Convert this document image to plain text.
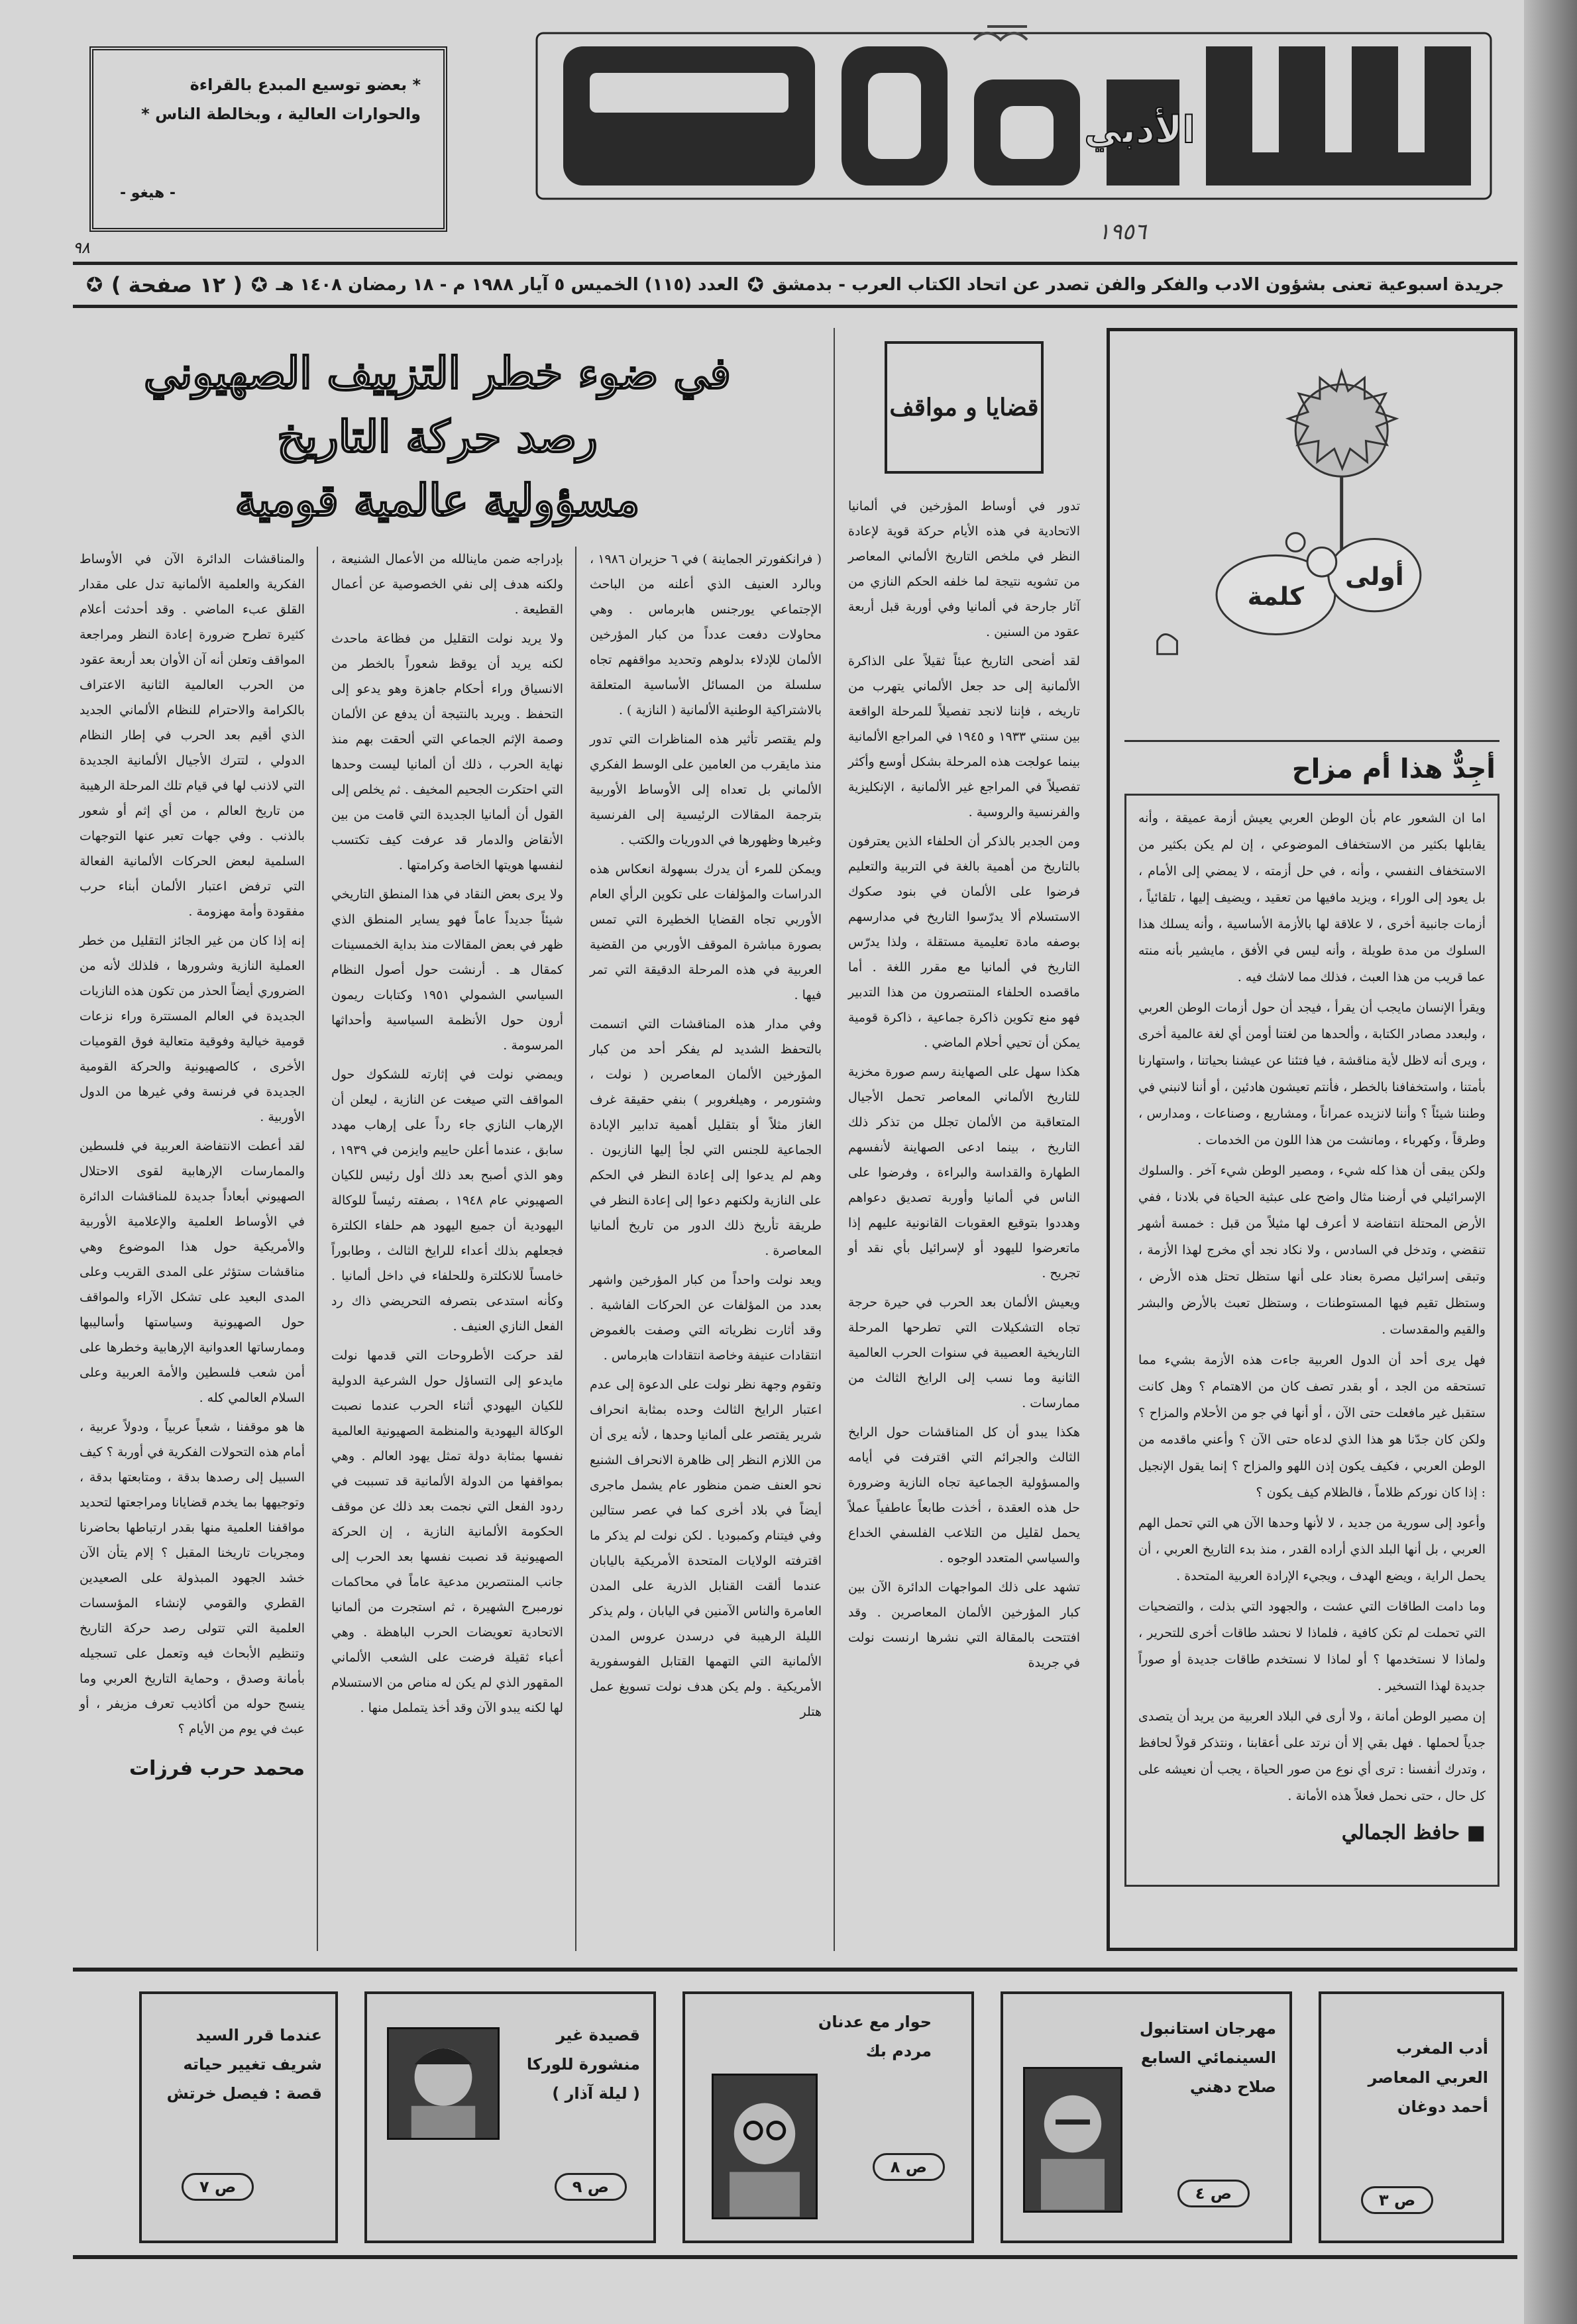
الأدبي
* بعضو توسيع المبدع بالقراءة والحوارات العالية ، وبخالطة الناس *
- هيغو -
١٩٥٦
٩٨
جريدة اسبوعية تعنى بشؤون الادب والفكر والفن تصدر عن اتحاد الكتاب العرب - بدمشق
✪
العدد (١١٥) الخميس ٥ آيار ١٩٨٨ م - ١٨ رمضان ١٤٠٨ هـ
✪
( ١٢ صفحة )
✪
كلمة
أولى
أجِدٌّ هذا أم مزاح

اما ان الشعور عام بأن الوطن العربي يعيش أزمة عميقة ، وأنه يقابلها بكثير من الاستخفاف الموضوعي ، إن لم يكن بكثير من الاستخفاف النفسي ، وأنه ، في حل أزمته ، لا يمضي إلى الأمام ، بل يعود إلى الوراء ، ويزيد مافيها من تعقيد ، ويضيف إليها ، تلقائياً ، أزمات جانبية أخرى ، لا علاقة لها بالأزمة الأساسية ، وأنه يسلك هذا السلوك من مدة طويلة ، وأنه ليس في الأفق ، مايشير بأنه منته عما قريب من هذا العبث ، فذلك مما لاشك فيه .

ويقرأ الإنسان مايجب أن يقرأ ، فيجد أن حول أزمات الوطن العربي ، ولبعدد مصادر الكتابة ، وألحدها من لغتنا أومن أي لغة عالمية أخرى ، ويرى أنه لاظل لأية مناقشة ، فيا فتئنا عن عيشنا بحياتنا ، واستهارنا بأمتنا ، واستخفافنا بالخطر ، فأنتم تعيشون هادئين ، أو أننا لانبني في وطننا شيئاً ؟ وأننا لانزيده عمراناً ، ومشاريع ، وصناعات ، ومدارس ، وطرقاً ، وكهرباء ، ومانشت من هذا اللون من الخدمات .

ولكن يبقى أن هذا كله شيء ، ومصير الوطن شيء آخر . والسلوك الإسرائيلي في أرضنا مثال واضح على عبثية الحياة في بلادنا ، ففي الأرض المحتلة انتفاضة لا أعرف لها مثيلاً من قبل : خمسة أشهر تنقضي ، وتدخل في السادس ، ولا نكاد نجد أي مخرج لهذا الأزمة ، وتبقى إسرائيل مصرة بعناد على أنها ستظل تحتل هذه الأرض ، وستظل تقيم فيها المستوطنات ، وستظل تعبث بالأرض والبشر والقيم والمقدسات .

فهل يرى أحد أن الدول العربية جاءت هذه الأزمة بشيء مما تستحقه من الجد ، أو بقدر تصف كان من الاهتمام ؟ وهل كانت ستقبل غير مافعلت حتى الآن ، أو أنها في جو من الأحلام والمزاح ؟ ولكن كان جدّنا هو هذا الذي لدعاه حتى الآن ؟ وأعني ماقدمه من الوطن العربي ، فكيف يكون إذن اللهو والمزاح ؟ إنما يقول الإنجيل : إذا كان نوركم ظلاماً ، فالظلام كيف يكون ؟

وأعود إلى سورية من جديد ، لا لأنها وحدها الآن هي التي تحمل الهم العربي ، بل أنها البلد الذي أراده القدر ، منذ بدء التاريخ العربي ، أن يحمل الراية ، ويضع الهدف ، ويجيء الإرادة العربية المتحدة .

وما دامت الطاقات التي عشت ، والجهود التي بذلت ، والتضحيات التي تحملت لم تكن كافية ، فلماذا لا نحشد طاقات أخرى للتحرير ، ولماذا لا نستخدمها ؟ أو لماذا لا نستخدم طاقات جديدة أو صوراً جديدة لهذا التسخير .

إن مصير الوطن أمانة ، ولا أرى في البلاد العربية من يريد أن يتصدى جدياً لحملها . فهل بقي إلا أن نرتد على أعقابنا ، ونتذكر قولاً لحافظ ، وتدرك أنفسنا : ترى أي نوع من صور الحياة ، يجب أن نعيشه على كل حال ، حتى نحمل فعلاً هذه الأمانة .

■ حافظ الجمالي
قضايا و مواقف

تدور في أوساط المؤرخين في ألمانيا الاتحادية في هذه الأيام حركة قوية لإعادة النظر في ملخص التاريخ الألماني المعاصر من تشويه نتيجة لما خلفه الحكم النازي من آثار جارحة في ألمانيا وفي أوربة قبل أربعة عقود من السنين .

لقد أضحى التاريخ عبئاً ثقيلاً على الذاكرة الألمانية إلى حد جعل الألماني يتهرب من تاريخه ، فإننا لانجد تفصيلاً للمرحلة الواقعة بين سنتي ١٩٣٣ و ١٩٤٥ في المراجع الألمانية بينما عولجت هذه المرحلة بشكل أوسع وأكثر تفصيلاً في المراجع غير الألمانية ، الإنكليزية والفرنسية والروسية .

ومن الجدير بالذكر أن الحلفاء الذين يعترفون بالتاريخ من أهمية بالغة في التربية والتعليم فرضوا على الألمان في بنود صكوك الاستسلام ألا يدرّسوا التاريخ في مدارسهم بوصفه مادة تعليمية مستقلة ، ولذا يدرّس التاريخ في ألمانيا مع مقرر اللغة . أما ماقصده الحلفاء المنتصرون من هذا التدبير فهو منع تكوين ذاكرة جماعية ، ذاكرة قومية يمكن أن تحيي أحلام الماضي .

هكذا سهل على الصهاينة رسم صورة مخزية للتاريخ الألماني المعاصر تحمل الأجيال المتعاقبة من الألمان تجلل من تذكر ذلك التاريخ ، بينما ادعى الصهاينة لأنفسهم الطهارة والقداسة والبراءة ، وفرضوا على الناس في ألمانيا وأوربة تصديق دعواهم وهددوا بتوقيع العقوبات القانونية عليهم إذا ماتعرضوا لليهود أو لإسرائيل بأي نقد أو تجريح .

ويعيش الألمان بعد الحرب في حيرة حرجة تجاه التشكيلات التي تطرحها المرحلة التاريخية العصيبة في سنوات الحرب العالمية الثانية وما نسب إلى الرايخ الثالث من ممارسات .

هكذا يبدو أن كل المناقشات حول الرايخ الثالث والجرائم التي اقترفت في أيامه والمسؤولية الجماعية تجاه النازية وضرورة حل هذه العقدة ، أخذت طابعاً عاطفياً عملاً يحمل لقليل من التلاعب الفلسفي الخداع والسياسي المتعدد الوجوه .

تشهد على ذلك المواجهات الدائرة الآن بين كبار المؤرخين الألمان المعاصرين . وقد افتتحت بالمقالة التي نشرها ارنست نولت في جريدة

في ضوء خطر التزييف الصهيوني
رصد حركة التاريخ
مسؤولية عالمية قومية

( فرانكفورتر الجماينة ) في ٦ حزيران ١٩٨٦ ، وبالرد العنيف الذي أعلنه من الباحث الإجتماعي يورجنس هابرماس . وهي محاولات دفعت عدداً من كبار المؤرخين الألمان للإدلاء بدلوهم وتحديد مواقفهم تجاه سلسلة من المسائل الأساسية المتعلقة بالاشتراكية الوطنية الألمانية ( النازية ) .

ولم يقتصر تأثير هذه المناظرات التي تدور منذ مايقرب من العامين على الوسط الفكري الألماني بل تعداه إلى الأوساط الأوربية بترجمة المقالات الرئيسية إلى الفرنسية وغيرها وظهورها في الدوريات والكتب .

ويمكن للمرء أن يدرك بسهولة انعكاس هذه الدراسات والمؤلفات على تكوين الرأي العام الأوربي تجاه القضايا الخطيرة التي تمس بصورة مباشرة الموقف الأوربي من القضية العربية في هذه المرحلة الدقيقة التي تمر فيها .

وفي مدار هذه المناقشات التي اتسمت بالتحفظ الشديد لم يفكر أحد من كبار المؤرخين الألمان المعاصرين ( نولت ، وشتورمر ، وهيلغروبر ) بنفي حقيقة غرف الغاز مثلاً أو بتقليل أهمية تدابير الإبادة الجماعية للجنس التي لجأ إليها النازيون . وهم لم يدعوا إلى إعادة النظر في الحكم على النازية ولكنهم دعوا إلى إعادة النظر في طريقة تأريخ ذلك الدور من تاريخ ألمانيا المعاصرة .

ويعد نولت واحداً من كبار المؤرخين واشهر بعدد من المؤلفات عن الحركات الفاشية . وقد أثارت نظرياته التي وصفت بالغموض انتقادات عنيفة وخاصة انتقادات هابرماس .

وتقوم وجهة نظر نولت على الدعوة إلى عدم اعتبار الرايخ الثالث وحده بمثابة انحراف شرير يقتصر على ألمانيا وحدها ، لأنه يرى أن من اللازم النظر إلى ظاهرة الانحراف الشنيع نحو العنف ضمن منظور عام يشمل ماجرى أيضاً في بلاد أخرى كما في عصر ستالين وفي فيتنام وكمبوديا . لكن نولت لم يذكر ما اقترفته الولايات المتحدة الأمريكية باليابان عندما ألقت القنابل الذرية على المدن العامرة والناس الآمنين في اليابان ، ولم يذكر الليلة الرهيبة في درسدن عروس المدن الألمانية التي التهمها القتابل الفوسفورية الأمريكية . ولم يكن هدف نولت تسويغ عمل هتلر

بإدراجه ضمن ماينالله من الأعمال الشنيعة ، ولكنه هدف إلى نفي الخصوصية عن أعمال القطيعة .

ولا يريد نولت التقليل من فظاعة ماحدث لكنه يريد أن يوقظ شعوراً بالخطر من الانسياق وراء أحكام جاهزة وهو يدعو إلى التحفظ . ويريد بالنتيجة أن يدفع عن الألمان وصمة الإثم الجماعي التي ألحقت بهم منذ نهاية الحرب ، ذلك أن ألمانيا ليست وحدها التي احتكرت الجحيم المخيف . ثم يخلص إلى القول أن ألمانيا الجديدة التي قامت من بين الأنقاض والدمار قد عرفت كيف تكتسب لنفسها هويتها الخاصة وكرامتها .

ولا يرى بعض النقاد في هذا المنطق التاريخي شيئاً جديداً عاماً فهو يساير المنطق الذي ظهر في بعض المقالات منذ بداية الخمسينات كمقال هـ . أرنشت حول أصول النظام السياسي الشمولي ١٩٥١ وكتابات ريمون أرون حول الأنظمة السياسية وأحداثها المرسومة .

ويمضي نولت في إثارته للشكوك حول المواقف التي صيغت عن النازية ، ليعلن أن الإرهاب النازي جاء رداً على إرهاب مهدد سابق ، عندما أعلن حاييم وايزمن في ١٩٣٩ ، وهو الذي أصبح بعد ذلك أول رئيس للكيان الصهيوني عام ١٩٤٨ ، بصفته رئيساً للوكالة اليهودية أن جميع اليهود هم حلفاء الكلترة فجعلهم بذلك أعداء للرايخ الثالث ، وطابوراً خامساً للانكلترة وللحلفاء في داخل ألمانيا . وكأنه استدعى بتصرفه التحريضي ذاك رد الفعل النازي العنيف .

لقد حركت الأطروحات التي قدمها نولت مايدعو إلى التساؤل حول الشرعية الدولية للكيان اليهودي أثناء الحرب عندما نصبت الوكالة اليهودية والمنظمة الصهيونية العالمية نفسها بمثابة دولة تمثل يهود العالم . وهي بمواقفها من الدولة الألمانية قد تسببت في ردود الفعل التي نجمت بعد ذلك عن موقف الحكومة الألمانية النازية ، إن الحركة الصهيونية قد نصبت نفسها بعد الحرب إلى جانب المنتصرين مدعية عاماً في محاكمات نورمبرج الشهيرة ، ثم استجرت من ألمانيا الاتحادية تعويضات الحرب الباهظة . وهي أعباء ثقيلة فرضت على الشعب الألماني المقهور الذي لم يكن له مناص من الاستسلام لها لكنه يبدو الآن وقد أخذ يتململ منها .

والمناقشات الدائرة الآن في الأوساط الفكرية والعلمية الألمانية تدل على مقدار القلق عبء الماضي . وقد أحدثت أعلام كثيرة تطرح ضرورة إعادة النظر ومراجعة المواقف وتعلن أنه آن الأوان بعد أربعة عقود من الحرب العالمية الثانية الاعتراف بالكرامة والاحترام للنظام الألماني الجديد الذي أقيم بعد الحرب في إطار النظام الدولي ، لتترك الأجيال الألمانية الجديدة التي لاذنب لها في قيام تلك المرحلة الرهيبة من تاريخ العالم ، من أي إثم أو شعور بالذنب . وفي جهات تعبر عنها التوجهات السلمية لبعض الحركات الألمانية الفعالة التي ترفض اعتبار الألمان أبناء حرب مفقودة وأمة مهزومة .

إنه إذا كان من غير الجائز التقليل من خطر العملية النازية وشرورها ، فلذلك لأنه من الضروري أيضاً الحذر من تكون هذه النازيات الجديدة في العالم المستترة وراء نزعات قومية خيالية وفوقية متعالية فوق القوميات الأخرى ، كالصهيونية والحركة القومية الجديدة في فرنسة وفي غيرها من الدول الأوربية .

لقد أعطت الانتفاضة العربية في فلسطين والممارسات الإرهابية لقوى الاحتلال الصهيوني أبعاداً جديدة للمناقشات الدائرة في الأوساط العلمية والإعلامية الأوربية والأمريكية حول هذا الموضوع وهي مناقشات ستؤثر على المدى القريب وعلى المدى البعيد على تشكل الآراء والمواقف حول الصهيونية وسياستها وأساليبها وممارساتها العدوانية الإرهابية وخطرها على أمن شعب فلسطين والأمة العربية وعلى السلام العالمي كله .

ها هو موقفنا ، شعباً عربياً ، ودولاً عربية ، أمام هذه التحولات الفكرية في أوربة ؟ كيف السبيل إلى رصدها بدقة ، ومتابعتها بدقة ، وتوجيهها بما يخدم قضايانا ومراجعتها لتحديد مواقفنا العلمية منها بقدر ارتباطها بحاضرنا ومجريات تاريخنا المقبل ؟ إلام يتأن الآن خشد الجهود المبذولة على الصعيدين القطري والقومي لإنشاء المؤسسات العلمية التي تتولى رصد حركة التاريخ وتنظيم الأبحاث فيه وتعمل على تسجيله بأمانة وصدق ، وحماية التاريخ العربي وما ينسج حوله من أكاذيب تعرف مزيفر ، أو عبث في يوم من الأيام ؟

محمد حرب فرزات
أدب المغرب
العربي المعاصر
أحمد دوغان
ص ٣
مهرجان استانبول
السينمائي السابع
صلاح دهني
ص ٤
حوار مع عدنان
مردم بك
ص ٨
قصيدة غير
منشورة للوركا
( ليلة آذار )
ص ٩
عندما قرر السيد
شريف تغيير حياته
قصة : فيصل خرتش
ص ٧
